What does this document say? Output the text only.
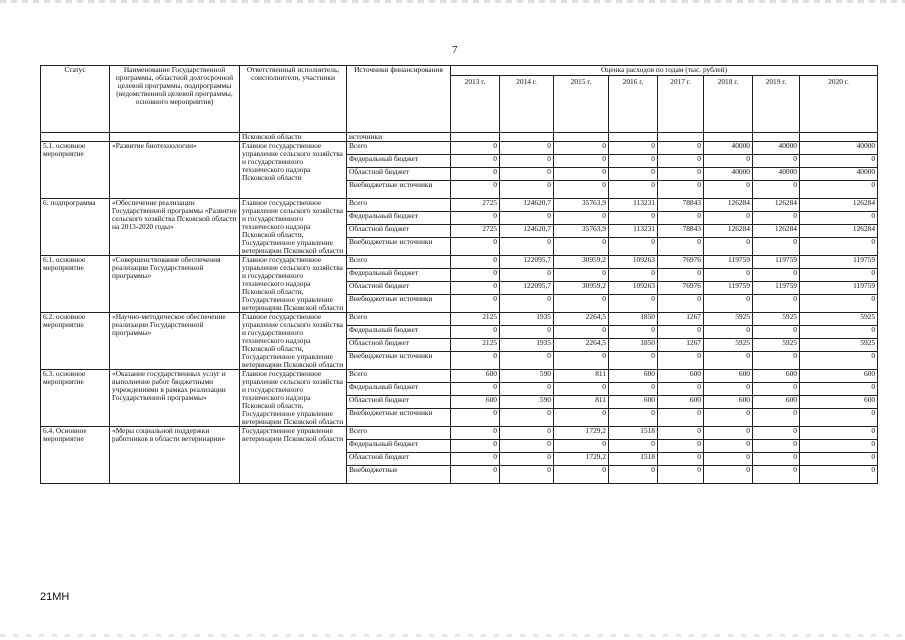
7
Статус	Наименование Государственной программы, областной долгосрочной целевой программы, подпрограммы (ведомственной целевой программы, основного мероприятия)	Ответственный исполнитель, соисполнители, участники	Источники финансирования	Оценка расходов по годам (тыс. рублей)							
				2013 г.	2014 г.	2015 г.	2016 г.	2017 г.	2018 г.	2019 г.	2020 г.
		Псковской области	источники								
5.1. основное мероприятие	«Развитие биотехнологии»	Главное государственное управление сельского хозяйства и государственного технического надзора Псковской области	Всего	0	0	0	0	0	40000	40000	40000
			Федеральный бюджет	0	0	0	0	0	0	0	0
			Областной бюджет	0	0	0	0	0	40000	40000	40000
			Внебюджетные источники	0	0	0	0	0	0	0	0
6. подпрограмма	«Обеспечение реализации Государственной программы «Развитие сельского хозяйства Псковской области на 2013-2020 годы»	Главное государственное управление сельского хозяйства и государственного технического надзора Псковской области, Государственное управление ветеринарии Псковской области	Всего	2725	124620,7	35763,9	113231	78843	126284	126284	126284
			Федеральный бюджет	0	0	0	0	0	0	0	0
			Областной бюджет	2725	124620,7	35763,9	113231	78843	126284	126284	126284
			Внебюджетные источники	0	0	0	0	0	0	0	0
6.1. основное мероприятие	«Совершенствование обеспечения реализации Государственной программы»	Главное государственное управление сельского хозяйства и государственного технического надзора Псковской области, Государственное управление ветеринарии Псковской области	Всего	0	122095,7	30959,2	109263	76976	119759	119759	119759
			Федеральный бюджет	0	0	0	0	0	0	0	0
			Областной бюджет	0	122095,7	30959,2	109263	76976	119759	119759	119759
			Внебюджетные источники	0	0	0	0	0	0	0	0
6.2. основное мероприятие	«Научно-методическое обеспечение реализации Государственной программы»	Главное государственное управление сельского хозяйства и государственного технического надзора Псковской области, Государственное управление ветеринарии Псковской области	Всего	2125	1935	2264,5	1850	1267	5925	5925	5925
			Федеральный бюджет	0	0	0	0	0	0	0	0
			Областной бюджет	2125	1935	2264,5	1850	1267	5925	5925	5925
			Внебюджетные источники	0	0	0	0	0	0	0	0
6.3. основное мероприятие	«Оказание государственных услуг и выполнение работ бюджетными учреждениями в рамках реализации Государственной программы»	Главное государственное управление сельского хозяйства и государственного технического надзора Псковской области, Государственное управление ветеринарии Псковской области	Всего	600	590	811	600	600	600	600	600
			Федеральный бюджет	0	0	0	0	0	0	0	0
			Областной бюджет	600	590	811	600	600	600	600	600
			Внебюджетные источники	0	0	0	0	0	0	0	0
6.4. Основное мероприятие	«Меры социальной поддержки работников в области ветеринарии»	Государственное управление ветеринарии Псковской области	Всего	0	0	1729,2	1518	0	0	0	0
			Федеральный бюджет	0	0	0	0	0	0	0	0
			Областной бюджет	0	0	1729,2	1518	0	0	0	0
			Внебюджетные	0	0	0	0	0	0	0	0
21МН
